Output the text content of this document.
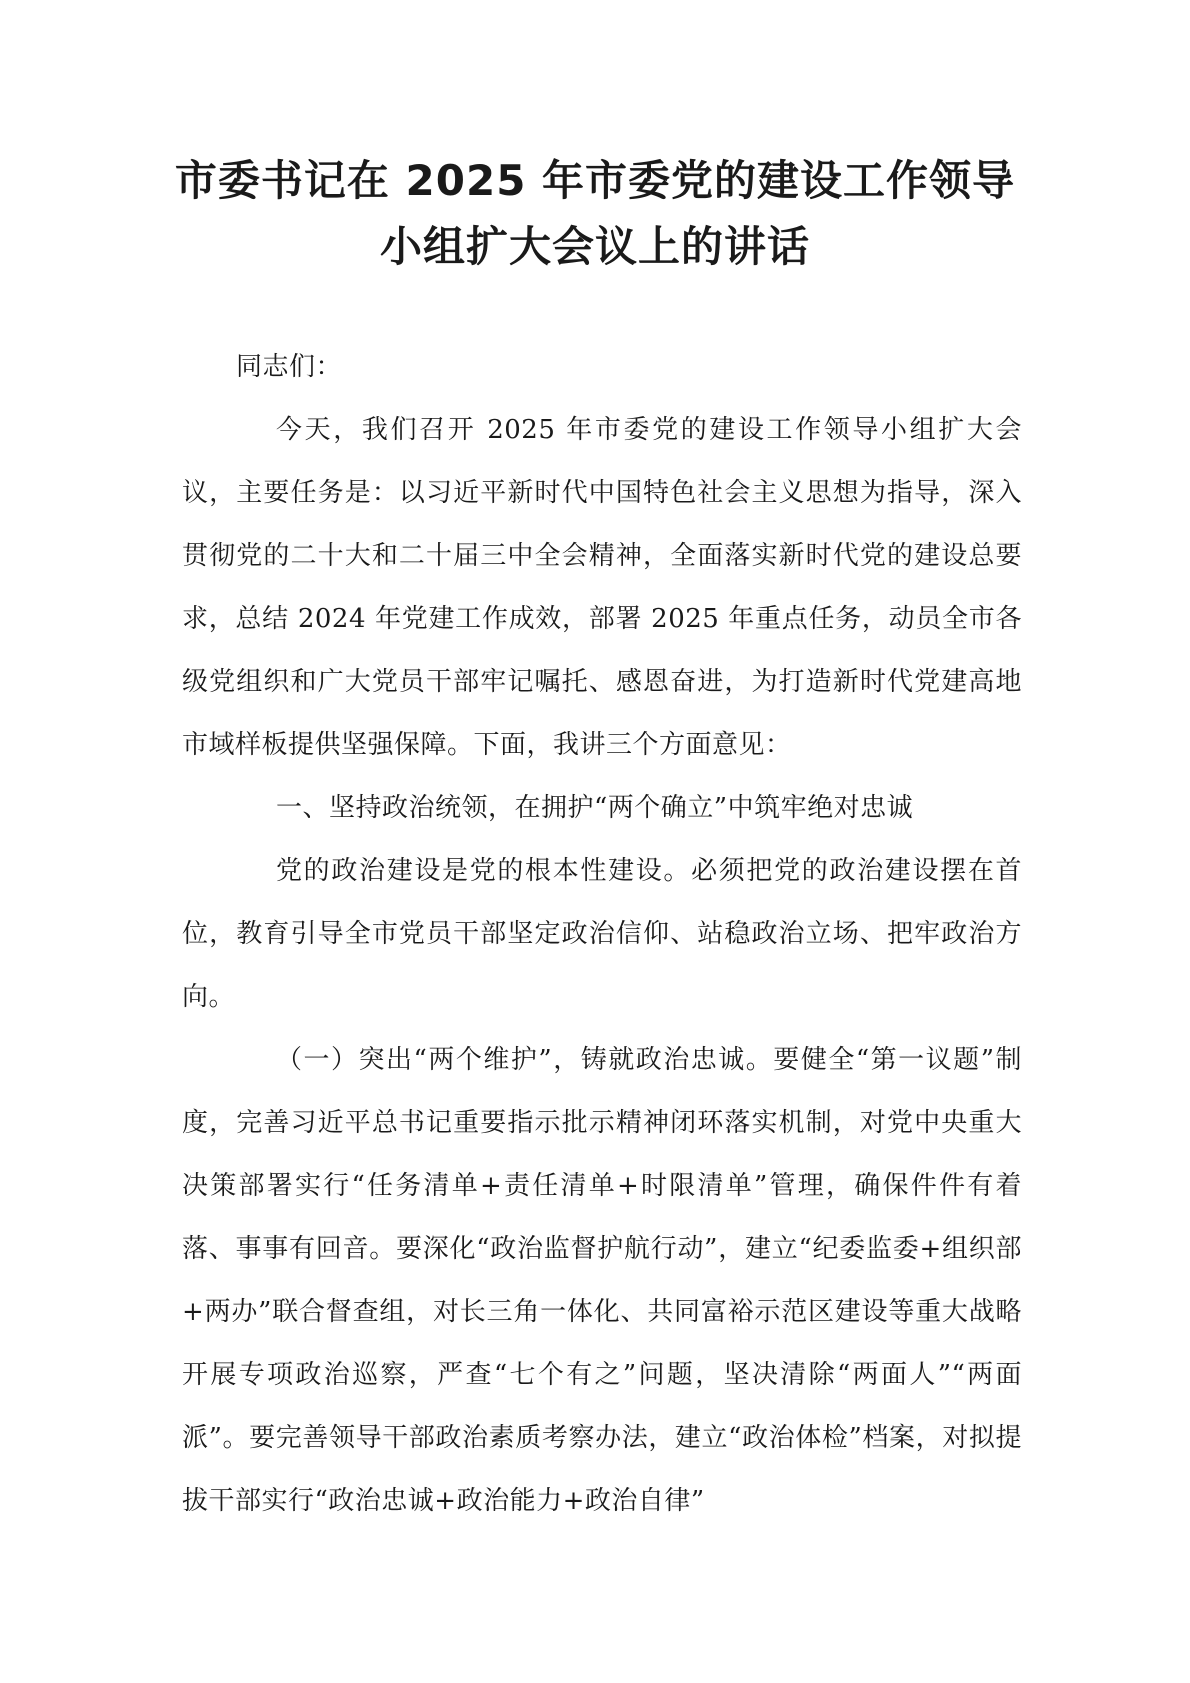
市委书记在 2025 年市委党的建设工作领导
小组扩大会议上的讲话

同志们：

今天，我们召开 2025 年市委党的建设工作领导小组扩大会议，主要任务是：以习近平新时代中国特色社会主义思想为指导，深入贯彻党的二十大和二十届三中全会精神，全面落实新时代党的建设总要求，总结 2024 年党建工作成效，部署 2025 年重点任务，动员全市各级党组织和广大党员干部牢记嘱托、感恩奋进，为打造新时代党建高地市域样板提供坚强保障。下面，我讲三个方面意见：

一、坚持政治统领，在拥护“两个确立”中筑牢绝对忠诚

党的政治建设是党的根本性建设。必须把党的政治建设摆在首位，教育引导全市党员干部坚定政治信仰、站稳政治立场、把牢政治方向。

（一）突出“两个维护”，铸就政治忠诚。要健全“第一议题”制度，完善习近平总书记重要指示批示精神闭环落实机制，对党中央重大决策部署实行“任务清单+责任清单+时限清单”管理，确保件件有着落、事事有回音。要深化“政治监督护航行动”，建立“纪委监委+组织部+两办”联合督查组，对长三角一体化、共同富裕示范区建设等重大战略开展专项政治巡察，严查“七个有之”问题，坚决清除“两面人”“两面派”。要完善领导干部政治素质考察办法，建立“政治体检”档案，对拟提拔干部实行“政治忠诚+政治能力+政治自律”
